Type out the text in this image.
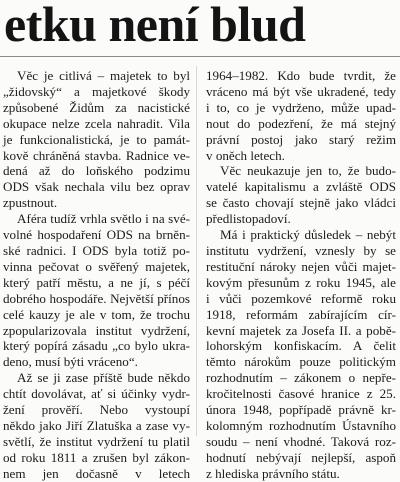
etku není blud
Věc je citlivá – majetek to byl
„židovský“ a majetkové škody
způsobené Židům za nacistické
okupace nelze zcela nahradit. Vila
je funkcionalistická, je to památ-
kově chráněná stavba. Radnice ve-
dená až do loňského podzimu
ODS však nechala vilu bez oprav
zpustnout.
Aféra tudíž vrhla světlo i na své-
volné hospodaření ODS na brněn-
ské radnici. I ODS byla totiž po-
vinna pečovat o svěřený majetek,
který patří městu, a ne jí, s péčí
dobrého hospodáře. Největší přínos
celé kauzy je ale v tom, že trochu
zpopularizovala institut vydržení,
který popírá zásadu „co bylo ukra-
deno, musí býti vráceno“.
Až se ji zase příště bude někdo
chtít dovolávat, ať si účinky vydr-
žení prověří. Nebo vystoupí
někdo jako Jiří Zlatuška a zase vy-
světlí, že institut vydržení tu platil
od roku 1811 a zrušen byl zákon-
nem jen dočasně v letech
1964–1982. Kdo bude tvrdit, že
vráceno má být vše ukradené, tedy
i to, co je vydrženo, může upad-
nout do podezření, že má stejný
právní postoj jako starý režim
v oněch letech.
Věc neukazuje jen to, že budo-
vatelé kapitalismu a zvláště ODS
se často chovají stejně jako vládci
předlistopadoví.
Má i praktický důsledek – nebýt
institutu vydržení, vznesly by se
restituční nároky nejen vůči majet-
kovým přesunům z roku 1945, ale
i vůči pozemkové reformě roku
1918, reformám zabírajícím cír-
kevní majetek za Josefa II. a pobě-
lohorským konfiskacím. A čelit
těmto nárokům pouze politickým
rozhodnutím – zákonem o nepře-
kročitelnosti časové hranice z 25.
února 1948, popřípadě právně kr-
kolomným rozhodnutím Ústavního
soudu – není vhodné. Taková roz-
hodnutí nebývají nejlepší, aspoň
z hlediska právního státu.
